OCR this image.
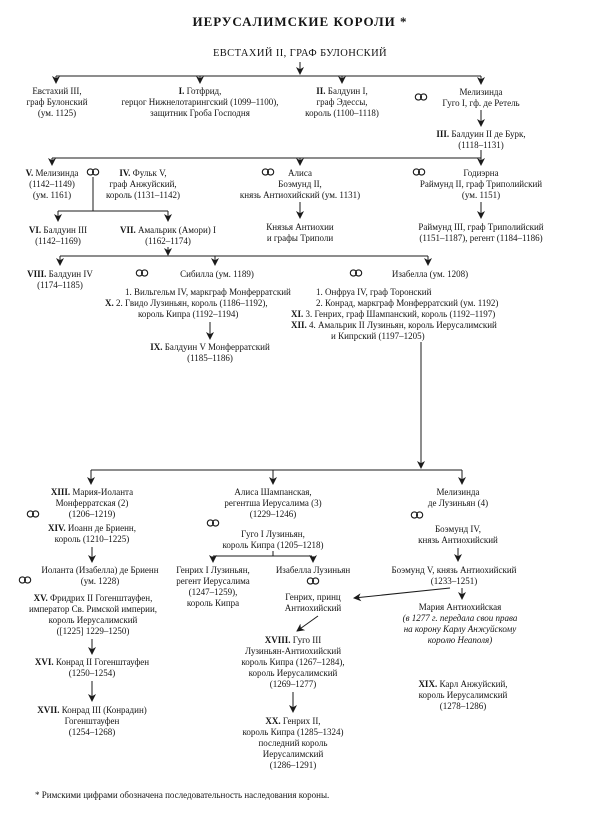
ИЕРУСАЛИМСКИЕ КОРОЛИ *
ЕВСТАХИЙ II, ГРАФ БУЛОНСКИЙ
Евстахий III,
граф Булонский
(ум. 1125)
I. Готфрид,
герцог Нижнелотарингский (1099–1100),
защитник Гроба Господня
II. Балдуин I,
граф Эдессы,
король (1100–1118)
Мелизинда
Гуго I, гф. де Ретель
III. Балдуин II де Бурк,
(1118–1131)
V. Мелизинда
(1142–1149)
(ум. 1161)
IV. Фульк V,
граф Анжуйский,
король (1131–1142)
Алиса
Боэмунд II,
князь Антиохийский (ум. 1131)
Годиэрна
Раймунд II, граф Триполийский
(ум. 1151)
Князья Антиохии
и графы Триполи
Раймунд III, граф Триполийский
(1151–1187), регент (1184–1186)
VI. Балдуин III
(1142–1169)
VII. Амальрик (Амори) I
(1162–1174)
VIII. Балдуин IV
(1174–1185)
Сибилла (ум. 1189)
1. Вильгельм IV, маркграф Монферратский
X. 2. Гвидо Лузиньян, король (1186–1192),
король Кипра (1192–1194)
Изабелла (ум. 1208)
1. Онфруа IV, граф Торонский
2. Конрад, маркграф Монферратский (ум. 1192)
XI. 3. Генрих, граф Шампанский, король (1192–1197)
XII. 4. Амальрик II Лузиньян, король Иерусалимский
и Кипрский (1197–1205)
IX. Балдуин V Монферратский
(1185–1186)
XIII. Мария-Иоланта
Монферратская (2)
(1206–1219)
XIV. Иоанн де Бриенн,
король (1210–1225)
Алиса Шампанская,
регентша Иерусалима (3)
(1229–1246)
Гуго I Лузиньян,
король Кипра (1205–1218)
Мелизинда
де Лузиньян (4)
Боэмунд IV,
князь Антиохийский
Иоланта (Изабелла) де Бриенн
(ум. 1228)
XV. Фридрих II Гогенштауфен,
император Св. Римской империи,
король Иерусалимский
([1225] 1229–1250)
Генрих I Лузиньян,
регент Иерусалима
(1247–1259),
король Кипра
Изабелла Лузиньян
Генрих, принц
Антиохийский
Боэмунд V, князь Антиохийский
(1233–1251)
Мария Антиохийская
(в 1277 г. передала свои права
на корону Карлу Анжуйскому
королю Неаполя)
XVIII. Гуго III
Лузиньян-Антиохийский
король Кипра (1267–1284),
король Иерусалимский
(1269–1277)
XVI. Конрад II Гогенштауфен
(1250–1254)
XVII. Конрад III (Конрадин)
Гогенштауфен
(1254–1268)
XIX. Карл Анжуйский,
король Иерусалимский
(1278–1286)
XX. Генрих II,
король Кипра (1285–1324)
последний король
Иерусалимский
(1286–1291)
* Римскими цифрами обозначена последовательность наследования короны.
